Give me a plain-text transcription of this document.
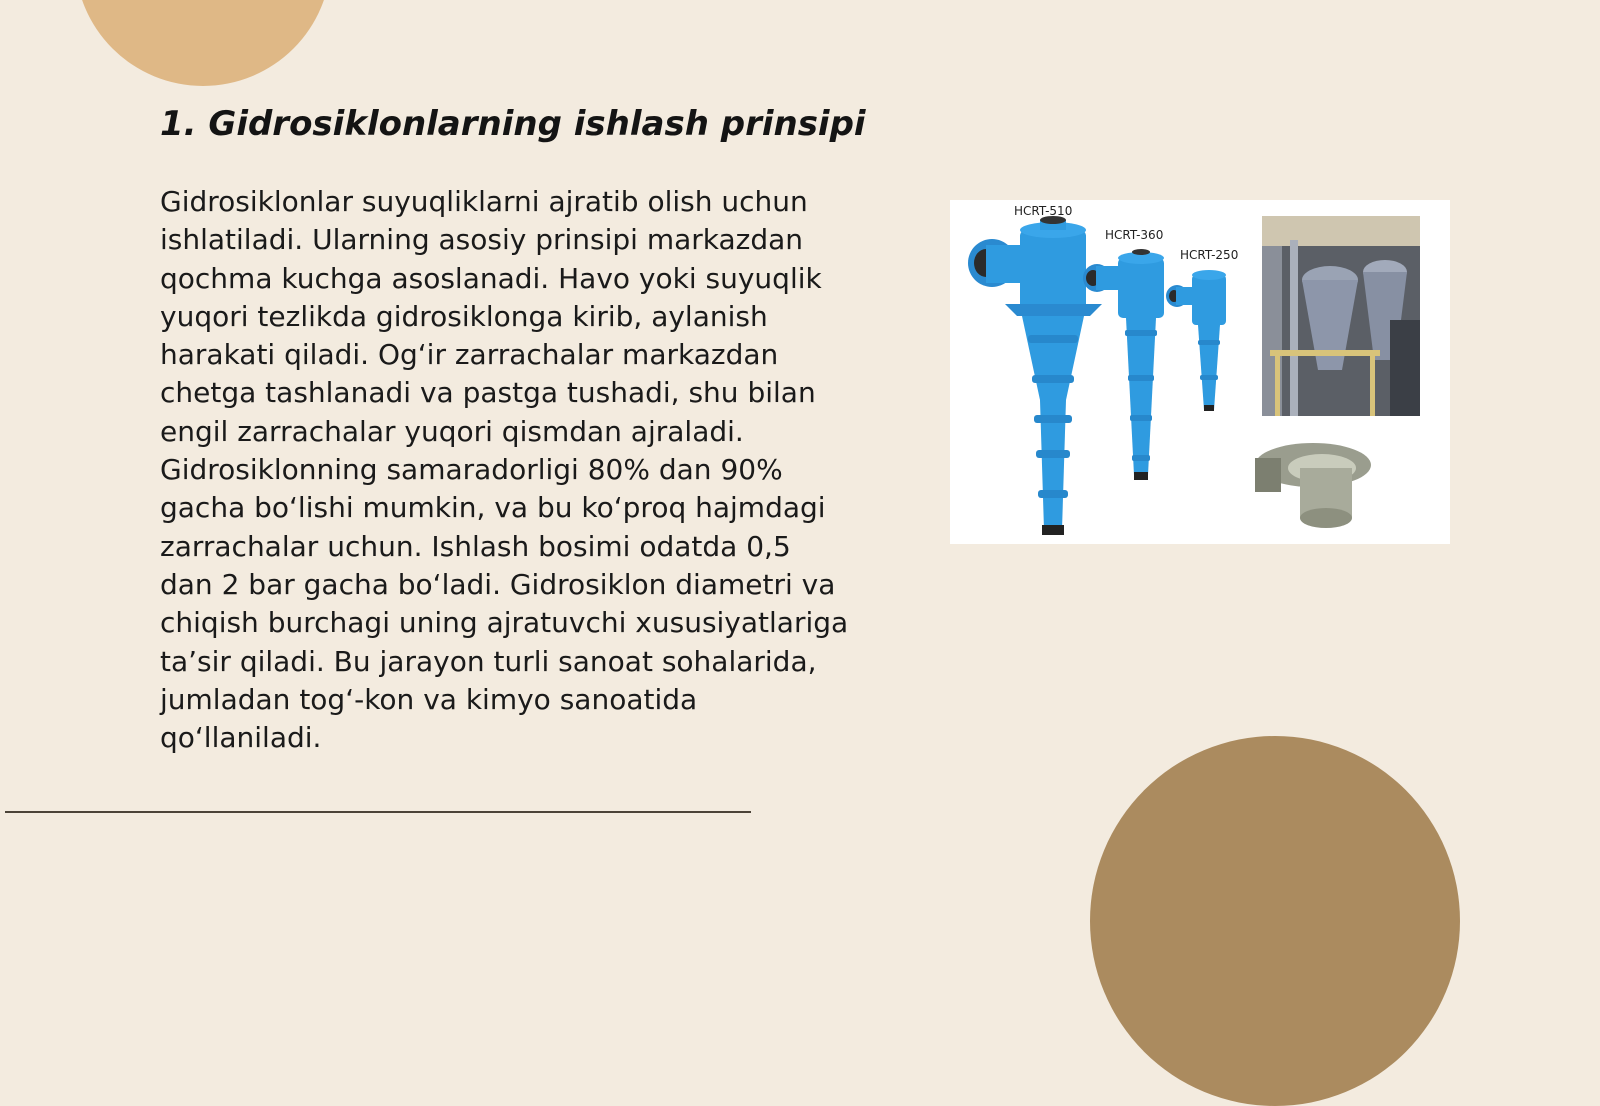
1. Gidrosiklonlarning ishlash prinsipi

Gidrosiklonlar suyuqliklarni ajratib olish uchun ishlatiladi. Ularning asosiy prinsipi markazdan qochma kuchga asoslanadi. Havo yoki suyuqlik yuqori tezlikda gidrosiklonga kirib, aylanish harakati qiladi. Og‘ir zarrachalar markazdan chetga tashlanadi va pastga tushadi, shu bilan engil zarrachalar yuqori qismdan ajraladi. Gidrosiklonning samaradorligi 80% dan 90% gacha bo‘lishi mumkin, va bu ko‘proq hajmdagi zarrachalar uchun. Ishlash bosimi odatda 0,5 dan 2 bar gacha bo‘ladi. Gidrosiklon diametri va chiqish burchagi uning ajratuvchi xususiyatlariga ta’sir qiladi. Bu jarayon turli sanoat sohalarida, jumladan tog‘-kon va kimyo sanoatida qo‘llaniladi.

HCRT-510
HCRT-360
HCRT-250
